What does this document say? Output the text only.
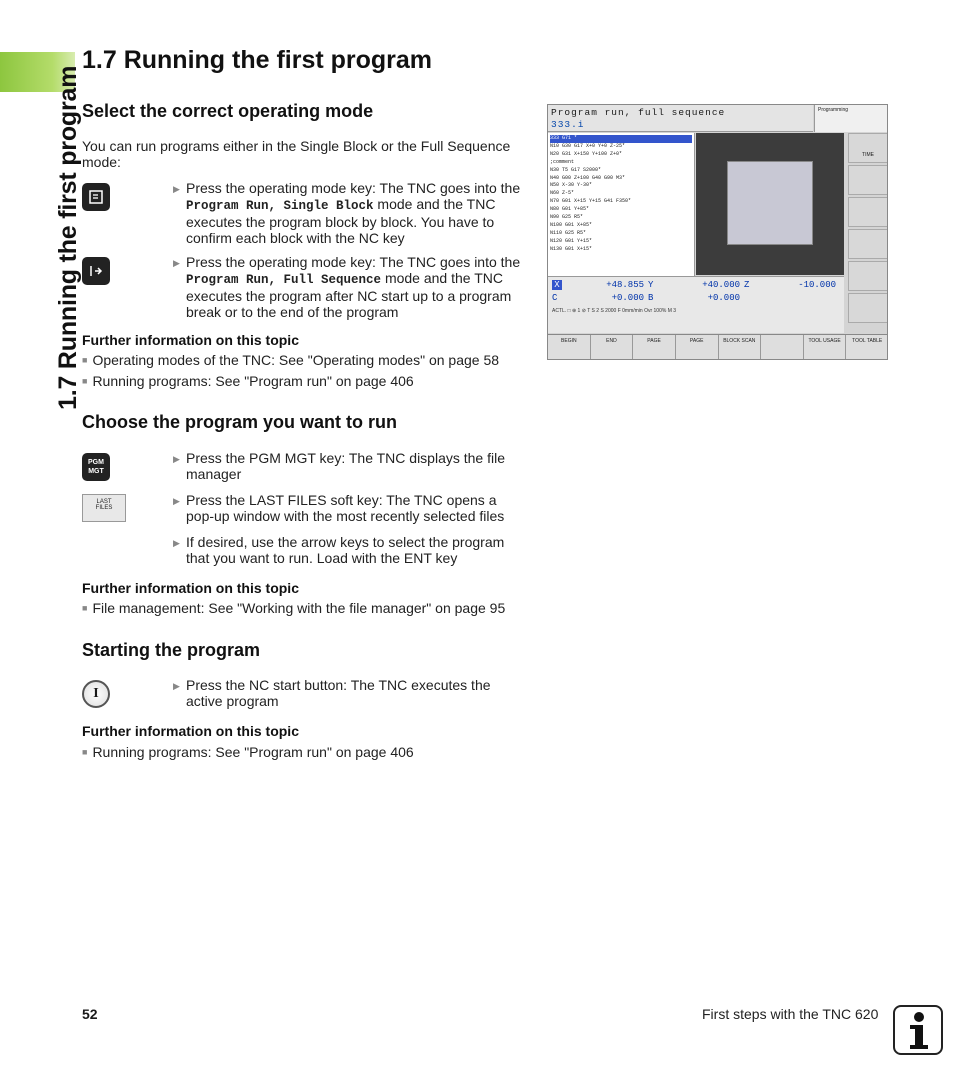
1.7 Running the first program
1.7 Running the first program
Select the correct operating mode
You can run programs either in the Single Block or the Full Sequence mode:
▶ Press the operating mode key: The TNC goes into the Program Run, Single Block mode and the TNC executes the program block by block. You have to confirm each block with the NC key
▶ Press the operating mode key: The TNC goes into the Program Run, Full Sequence mode and the TNC executes the program after NC start up to a program break or to the end of the program
Further information on this topic
■ Operating modes of the TNC: See "Operating modes" on page 58
■ Running programs: See "Program run" on page 406
Choose the program you want to run
PGM
MGT
▶ Press the PGM MGT key: The TNC displays the file manager
LAST
FILES
▶	Press the LAST FILES soft key: The TNC opens a pop-up window with the most recently selected files
▶ If desired, use the arrow keys to select the program that you want to run. Load with the ENT key
Further information on this topic
■ File management: See "Working with the file manager" on page 95
Starting the program
I
▶ Press the NC start button: The TNC executes the active program
Further information on this topic
■ Running programs: See "Program run" on page 406
Program run, full sequence
333.i
Programming
333 G71 *
N10 G30 G17 X+0 Y+0 Z-25*
N20 G31 X+150 Y+100 Z+0*
;comment
N30 T5 G17 S2000*
N40 G00 Z+100 G40 G90 M3*
N50 X-30 Y-30*
N60 Z-5*
N70 G01 X+15 Y+15 G41 F350*
N80 G01 Y+85*
N90 G25 R5*
N100 G01 X+85*
N110 G25 R5*
N120 G01 Y+15*
N130 G01 X+15*
TIME
X	+48.855 Y	+40.000 Z	-10.000
C	+0.000 B	+0.000
ACTL. □ ⊕ 1 ⊘ T S 2 S 2000 F 0mm/min Ovr 100% M 3
BEGIN	END	PAGE	PAGE	BLOCK SCAN	TOOL USAGE	TOOL TABLE
52	First steps with the TNC 620
